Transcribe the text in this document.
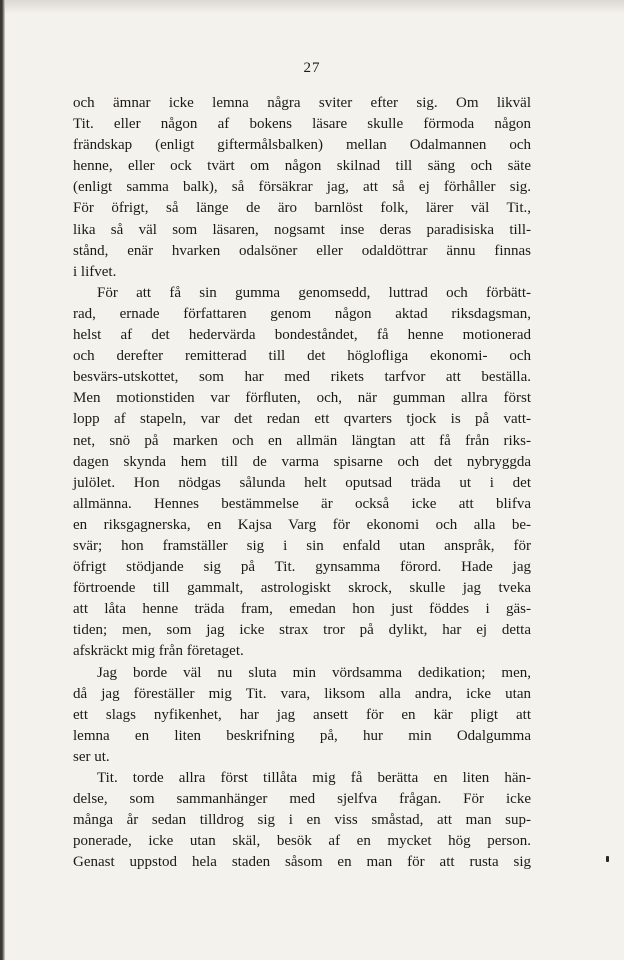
27
och ämnar icke lemna några sviter efter sig. Om likväl
Tit. eller någon af bokens läsare skulle förmoda någon
frändskap (enligt giftermålsbalken) mellan Odalmannen och
henne, eller ock tvärt om någon skilnad till säng och säte
(enligt samma balk), så försäkrar jag, att så ej förhåller sig.
För öfrigt, så länge de äro barnlöst folk, lärer väl Tit.,
lika så väl som läsaren, nogsamt inse deras paradisiska till-
stånd, enär hvarken odalsöner eller odaldöttrar ännu finnas
i lifvet.
För att få sin gumma genomsedd, luttrad och förbätt-
rad, ernade författaren genom någon aktad riksdagsman,
helst af det hedervärda bondeståndet, få henne motionerad
och derefter remitterad till det högloﬂiga ekonomi- och
besvärs-utskottet, som har med rikets tarfvor att beställa.
Men motionstiden var förﬂuten, och, när gumman allra först
lopp af stapeln, var det redan ett qvarters tjock is på vatt-
net, snö på marken och en allmän längtan att få från riks-
dagen skynda hem till de varma spisarne och det nybryggda
julölet. Hon nödgas sålunda helt oputsad träda ut i det
allmänna. Hennes bestämmelse är också icke att blifva
en riksgagnerska, en Kajsa Varg för ekonomi och alla be-
svär; hon framställer sig i sin enfald utan anspråk, för
öfrigt stödjande sig på Tit. gynsamma förord. Hade jag
förtroende till gammalt, astrologiskt skrock, skulle jag tveka
att låta henne träda fram, emedan hon just föddes i gäs-
tiden; men, som jag icke strax tror på dylikt, har ej detta
afskräckt mig från företaget.
Jag borde väl nu sluta min vördsamma dedikation; men,
då jag föreställer mig Tit. vara, liksom alla andra, icke utan
ett slags nyfikenhet, har jag ansett för en kär pligt att
lemna en liten beskrifning på, hur min Odalgumma
ser ut.
Tit. torde allra först tillåta mig få berätta en liten hän-
delse, som sammanhänger med sjelfva frågan. För icke
många år sedan tilldrog sig i en viss småstad, att man sup-
ponerade, icke utan skäl, besök af en mycket hög person.
Genast uppstod hela staden såsom en man för att rusta sig
